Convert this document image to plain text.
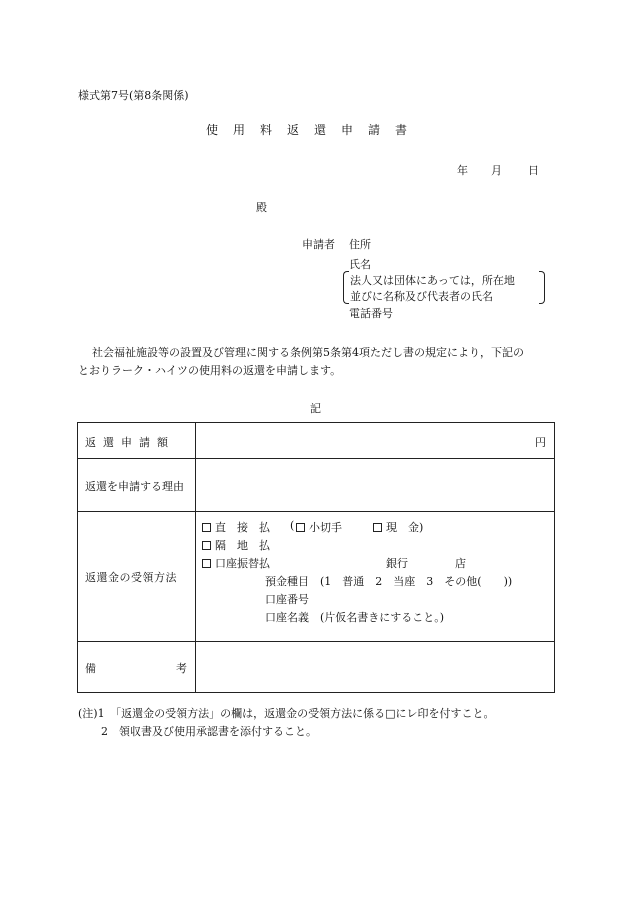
様式第7号(第8条関係)
使用料返還申請書
年 月 日
殿
申請者 住所
氏名
法人又は団体にあっては，所在地
並びに名称及び代表者の氏名
電話番号
社会福祉施設等の設置及び管理に関する条例第5条第4項ただし書の規定により，下記の
とおりラーク・ハイツの使用料の返還を申請します。
記
返還申請額	円
返還を申請する理由
返還金の受領方法
直　接　払 (	小切手	現　金)
隔　地　払
口座振替払	銀行	店
預金種目　(1　普通　2　当座　3　その他(　　))
口座番号
口座名義　(片仮名書きにすること。)
備	考
(注)1　「返還金の受領方法」の欄は，返還金の受領方法に係る□にレ印を付すこと。
2　領収書及び使用承認書を添付すること。
